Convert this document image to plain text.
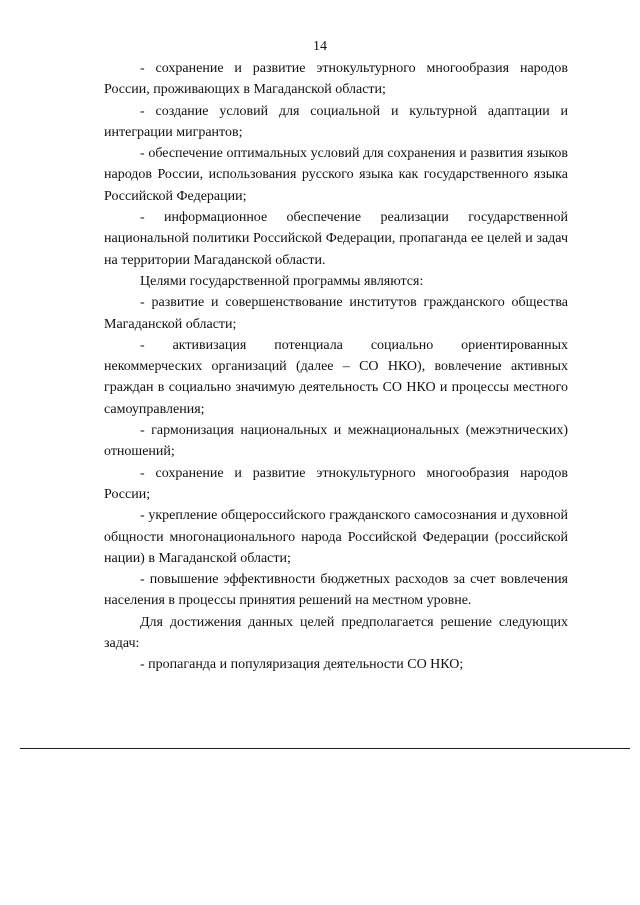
14

- сохранение и развитие этнокультурного многообразия народов России, проживающих в Магаданской области;

- создание условий для социальной и культурной адаптации и интеграции мигрантов;

- обеспечение оптимальных условий для сохранения и развития языков народов России, использования русского языка как государственного языка Российской Федерации;

- информационное обеспечение реализации государственной национальной политики Российской Федерации, пропаганда ее целей и задач на территории Магаданской области.

Целями государственной программы являются:

- развитие и совершенствование институтов гражданского общества Магаданской области;

- активизация потенциала социально ориентированных некоммерческих организаций (далее – СО НКО), вовлечение активных граждан в социально значимую деятельность СО НКО и процессы местного самоуправления;

- гармонизация национальных и межнациональных (межэтнических) отношений;

- сохранение и развитие этнокультурного многообразия народов России;

- укрепление общероссийского гражданского самосознания и духовной общности многонационального народа Российской Федерации (российской нации) в Магаданской области;

- повышение эффективности бюджетных расходов за счет вовлечения населения в процессы принятия решений на местном уровне.

Для достижения данных целей предполагается решение следующих задач:

- пропаганда и популяризация деятельности СО НКО;
